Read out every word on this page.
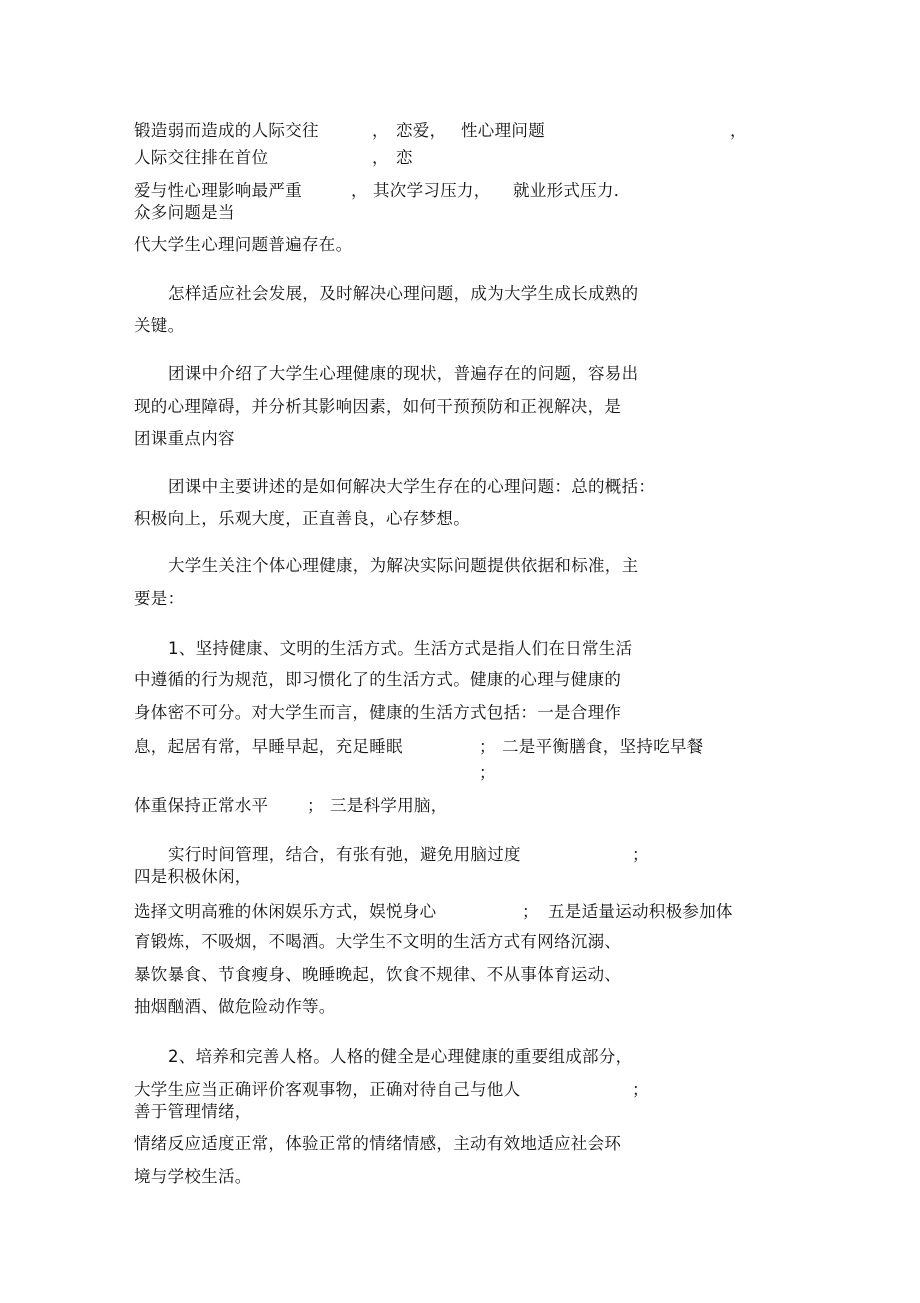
锻造弱而造成的人际交往	， 恋爱， 性心理问题	，
人际交往排在首位	， 恋
爱与性心理影响最严重	， 其次学习压力， 就业形式压力．
众多问题是当
代大学生心理问题普遍存在。
怎样适应社会发展，及时解决心理问题，成为大学生成长成熟的
关键。
团课中介绍了大学生心理健康的现状，普遍存在的问题，容易出
现的心理障碍，并分析其影响因素，如何干预预防和正视解决，是
团课重点内容
团课中主要讲述的是如何解决大学生存在的心理问题：总的概括：
积极向上，乐观大度，正直善良，心存梦想。
大学生关注个体心理健康，为解决实际问题提供依据和标准，主
要是：
1、坚持健康、文明的生活方式。生活方式是指人们在日常生活
中遵循的行为规范，即习惯化了的生活方式。健康的心理与健康的
身体密不可分。对大学生而言，健康的生活方式包括：一是合理作
息，起居有常，早睡早起，充足睡眠	； 二是平衡膳食，坚持吃早餐
；
体重保持正常水平 ； 三是科学用脑，
实行时间管理，结合，有张有弛，避免用脑过度	；
四是积极休闲，
选择文明高雅的休闲娱乐方式，娱悦身心	； 五是适量运动积极参加体
育锻炼，不吸烟，不喝酒。大学生不文明的生活方式有网络沉溺、
暴饮暴食、节食瘦身、晚睡晚起，饮食不规律、不从事体育运动、
抽烟酗酒、做危险动作等。
2、培养和完善人格。人格的健全是心理健康的重要组成部分，
大学生应当正确评价客观事物，正确对待自己与他人	；
善于管理情绪，
情绪反应适度正常，体验正常的情绪情感，主动有效地适应社会环
境与学校生活。
